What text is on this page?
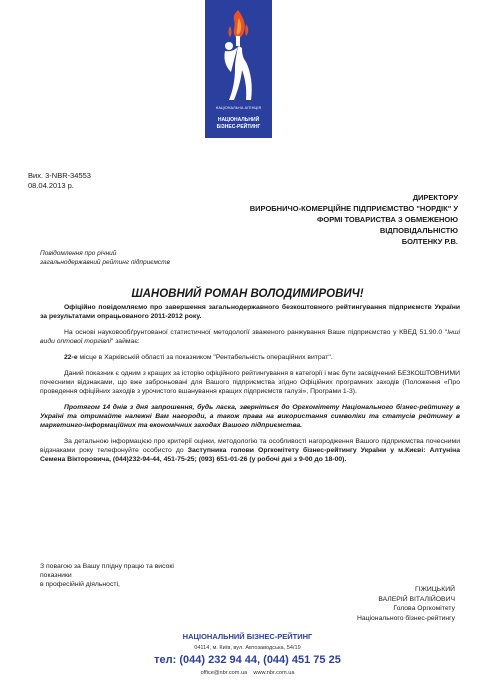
НАЦІОНАЛЬНА АГЕНЦІЯ
НАЦІОНАЛЬНИЙ
БІЗНЕС-РЕЙТИНГ
Вих. 3-NBR-34553
08.04.2013 р.
ДИРЕКТОРУ
ВИРОБНИЧО-КОМЕРЦІЙНЕ ПІДПРИЄМСТВО "НОРДІК" У
ФОРМІ ТОВАРИСТВА З ОБМЕЖЕНОЮ
ВІДПОВІДАЛЬНІСТЮ
БОЛТЕНКУ Р.В.
Повідомлення про річний
загальнодержавний рейтинг підприємств
ШАНОВНИЙ РОМАН ВОЛОДИМИРОВИЧ!

Офіційно повідомляємо про завершення загальнодержавного безкоштовного рейтингування підприємств України за результатами опрацьованого 2011-2012 року.

На основі науковообґрунтованої статистичної методології зваженого ранжування Ваше підприємство у КВЕД 51.90.0 "Інші види оптової торгівлі" займає:

22-е місце в Харківській області за показником "Рентабельність операційних витрат".

Даний показник є одним з кращих за історію офіційного рейтингування в категорії і має бути засвідчений БЕЗКОШТОВНИМИ почесними відзнаками, що вже заброньовані для Вашого підприємства згідно Офіційних програмних заходів (Положення «Про проведення офіційних заходів з урочистого вшанування кращих підприємств галузі», Програми 1-3).

Протягом 14 днів з дня запрошення, будь ласка, зверніться до Оргкомітету Національного бізнес-рейтингу в Україні та отримайте належні Вам нагороди, а також права на використання символіки та статусів рейтингу в маркетинго-інформаційних та економічних заходах Вашого підприємства.

За детальною інформацією про критерії оцінки, методологію та особливості нагородження Вашого підприємства почесними відзнаками року телефонуйте особисто до Заступника голови Оргкомітету бізнес-рейтингу України у м.Києві: Алтуніна Семена Вікторовича, (044)232-94-44, 451-75-25; (093) 651-01-26 (у робочі дні з 9-00 до 18-00).

З повагою за Вашу плідну працю та високі показники
в професійній діяльності,
ГІЖИЦЬКИЙ
ВАЛЕРІЙ ВІТАЛІЙОВИЧ
Голова Оргкомітету
Національного бізнес-рейтингу
НАЦІОНАЛЬНИЙ БІЗНЕС-РЕЙТИНГ
04114, м. Київ, вул. Автозаводська, 54/19
тел: (044) 232 94 44, (044) 451 75 25
office@nbr.com.ua    www.nbr.com.ua
